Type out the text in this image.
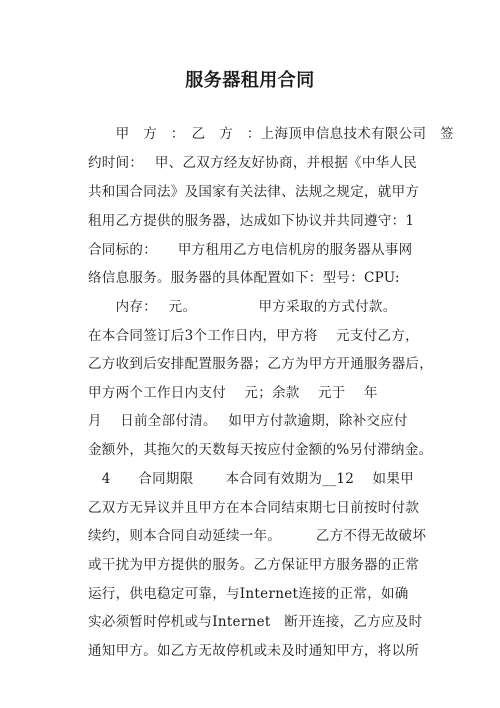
服务器租用合同
　　甲　方　：　乙　方　：上海顶申信息技术有限公司　签
约时间：　 甲、乙双方经友好协商，并根据《中华人民
共和国合同法》及国家有关法律、法规之规定，就甲方
租用乙方提供的服务器，达成如下协议并共同遵守：1
合同标的：　　甲方租用乙方电信机房的服务器从事网
络信息服务。服务器的具体配置如下：型号：CPU:
　　内存：　 元。　　　　　甲方采取的方式付款。
在本合同签订后3个工作日内，甲方将　 元支付乙方，
乙方收到后安排配置服务器；乙方为甲方开通服务器后，
甲方两个工作日内支付　 元；余款　 元于　 年
月　 日前全部付清。　 如甲方付款逾期，除补交应付
金额外，其拖欠的天数每天按应付金额的%另付滞纳金。
　4　　合同期限　　 本合同有效期为__12　 如果甲
乙双方无异议并且甲方在本合同结束期七日前按时付款
续约，则本合同自动延续一年。　　　乙方不得无故破坏
或干扰为甲方提供的服务。乙方保证甲方服务器的正常
运行，供电稳定可靠，与Internet连接的正常，如确
实必须暂时停机或与Internet　断开连接，乙方应及时
通知甲方。如乙方无故停机或未及时通知甲方，将以所
